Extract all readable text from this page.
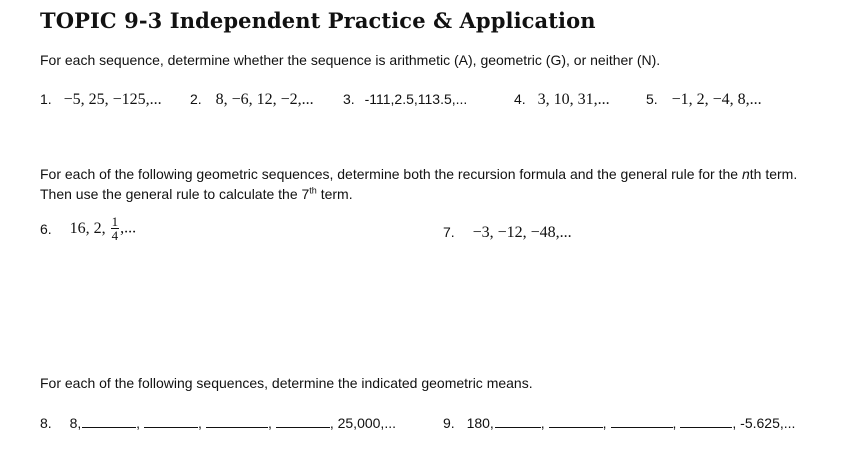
TOPIC 9-3 Independent Practice & Application
For each sequence, determine whether the sequence is arithmetic (A), geometric (G), or neither (N).
1. −5, 25, −125,... 2. 8, −6, 12, −2,... 3. -111,2.5,113.5,...	4. 3, 10, 31,...	5. −1, 2, −4, 8,...
For each of the following geometric sequences, determine both the recursion formula and the general rule for the nth term. Then use the general rule to calculate the 7th term.
6. 16, 2, $\frac{1}{4}$ ,...	7. −3, −12, −48,...
For each of the following sequences, determine the indicated geometric means.
8. 8,	,	,	,	, 25,000,...	9. 180,	,	,	,	, -5.625,...
